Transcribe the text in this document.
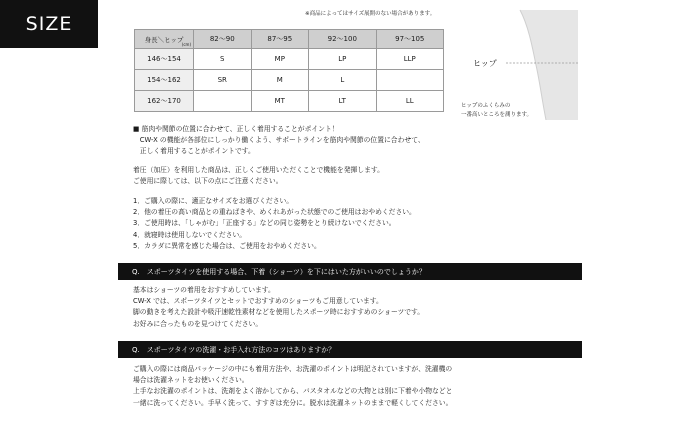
SIZE	※商品によってはサイズ展開のない場合があります。
身長＼ヒップ
(cm)	82〜90	87〜95	92〜100	97〜105
146〜154	S	MP	LP	LLP
154〜162	SR	M	L	
162〜170		MT	LT	LL
ヒップ
ヒップのふくらみの
一番高いところを測ります。
■ 筋肉や関節の位置に合わせて、正しく着用することがポイント！
　CW-X の機能が各部位にしっかり働くよう、サポートラインを筋肉や関節の位置に合わせて、
　正しく着用することがポイントです。
着圧（加圧）を利用した商品は、正しくご使用いただくことで機能を発揮します。
ご使用に際しては、以下の点にご注意ください。
1．ご購入の際に、適正なサイズをお選びください。
2．他の着圧の高い商品との重ねばきや、めくれあがった状態でのご使用はおやめください。
3．ご使用時は、「しゃがむ」「正座する」などの同じ姿勢をとり続けないでください。
4．就寝時は使用しないでください。
5．カラダに異常を感じた場合は、ご使用をおやめください。
Q.　スポーツタイツを使用する場合、下着（ショーツ）を下にはいた方がいいのでしょうか？
基本はショーツの着用をおすすめしています。
CW-X では、スポーツタイツとセットでおすすめのショーツもご用意しています。
脚の動きを考えた設計や吸汗速乾性素材などを使用したスポーツ時におすすめのショーツです。
お好みに合ったものを見つけてください。
Q.　スポーツタイツの洗濯・お手入れ方法のコツはありますか？
ご購入の際には商品パッケージの中にも着用方法や、お洗濯のポイントは明記されていますが、洗濯機の
場合は洗濯ネットをお使いください。
上手なお洗濯のポイントは、洗剤をよく溶かしてから、バスタオルなどの大物とは別に下着や小物などと
一緒に洗ってください。手早く洗って、すすぎは充分に。脱水は洗濯ネットのままで軽くしてください。
